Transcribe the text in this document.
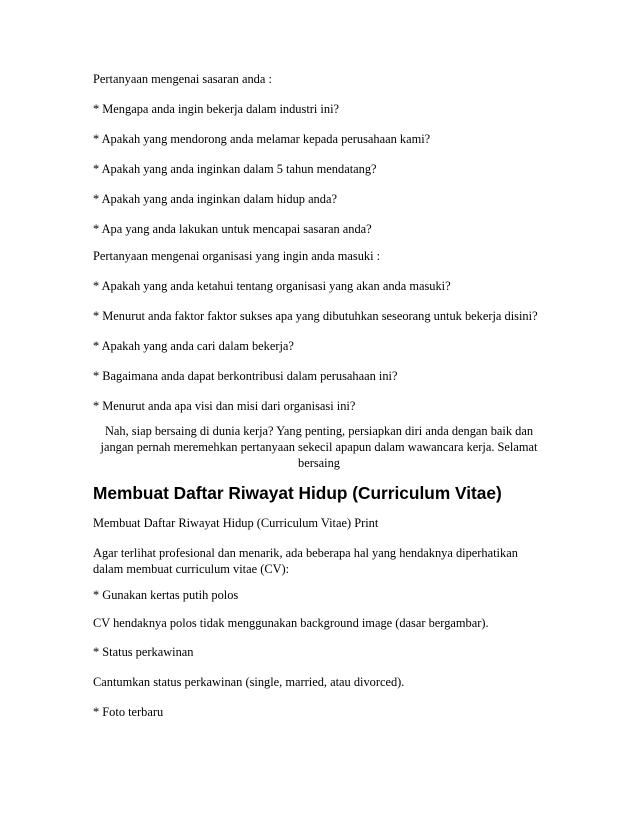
Pertanyaan mengenai sasaran anda :

* Mengapa anda ingin bekerja dalam industri ini?

* Apakah yang mendorong anda melamar kepada perusahaan kami?

* Apakah yang anda inginkan dalam 5 tahun mendatang?

* Apakah yang anda inginkan dalam hidup anda?

* Apa yang anda lakukan untuk mencapai sasaran anda?

Pertanyaan mengenai organisasi yang ingin anda masuki :

* Apakah yang anda ketahui tentang organisasi yang akan anda masuki?

* Menurut anda faktor faktor sukses apa yang dibutuhkan seseorang untuk bekerja disini?

* Apakah yang anda cari dalam bekerja?

* Bagaimana anda dapat berkontribusi dalam perusahaan ini?

* Menurut anda apa visi dan misi dari organisasi ini?

Nah, siap bersaing di dunia kerja? Yang penting, persiapkan diri anda dengan baik dan

jangan pernah meremehkan pertanyaan sekecil apapun dalam wawancara kerja. Selamat

bersaing

Membuat Daftar Riwayat Hidup (Curriculum Vitae)

Membuat Daftar Riwayat Hidup (Curriculum Vitae) Print

Agar terlihat profesional dan menarik, ada beberapa hal yang hendaknya diperhatikan

dalam membuat curriculum vitae (CV):

* Gunakan kertas putih polos

CV hendaknya polos tidak menggunakan background image (dasar bergambar).

* Status perkawinan

Cantumkan status perkawinan (single, married, atau divorced).

* Foto terbaru
